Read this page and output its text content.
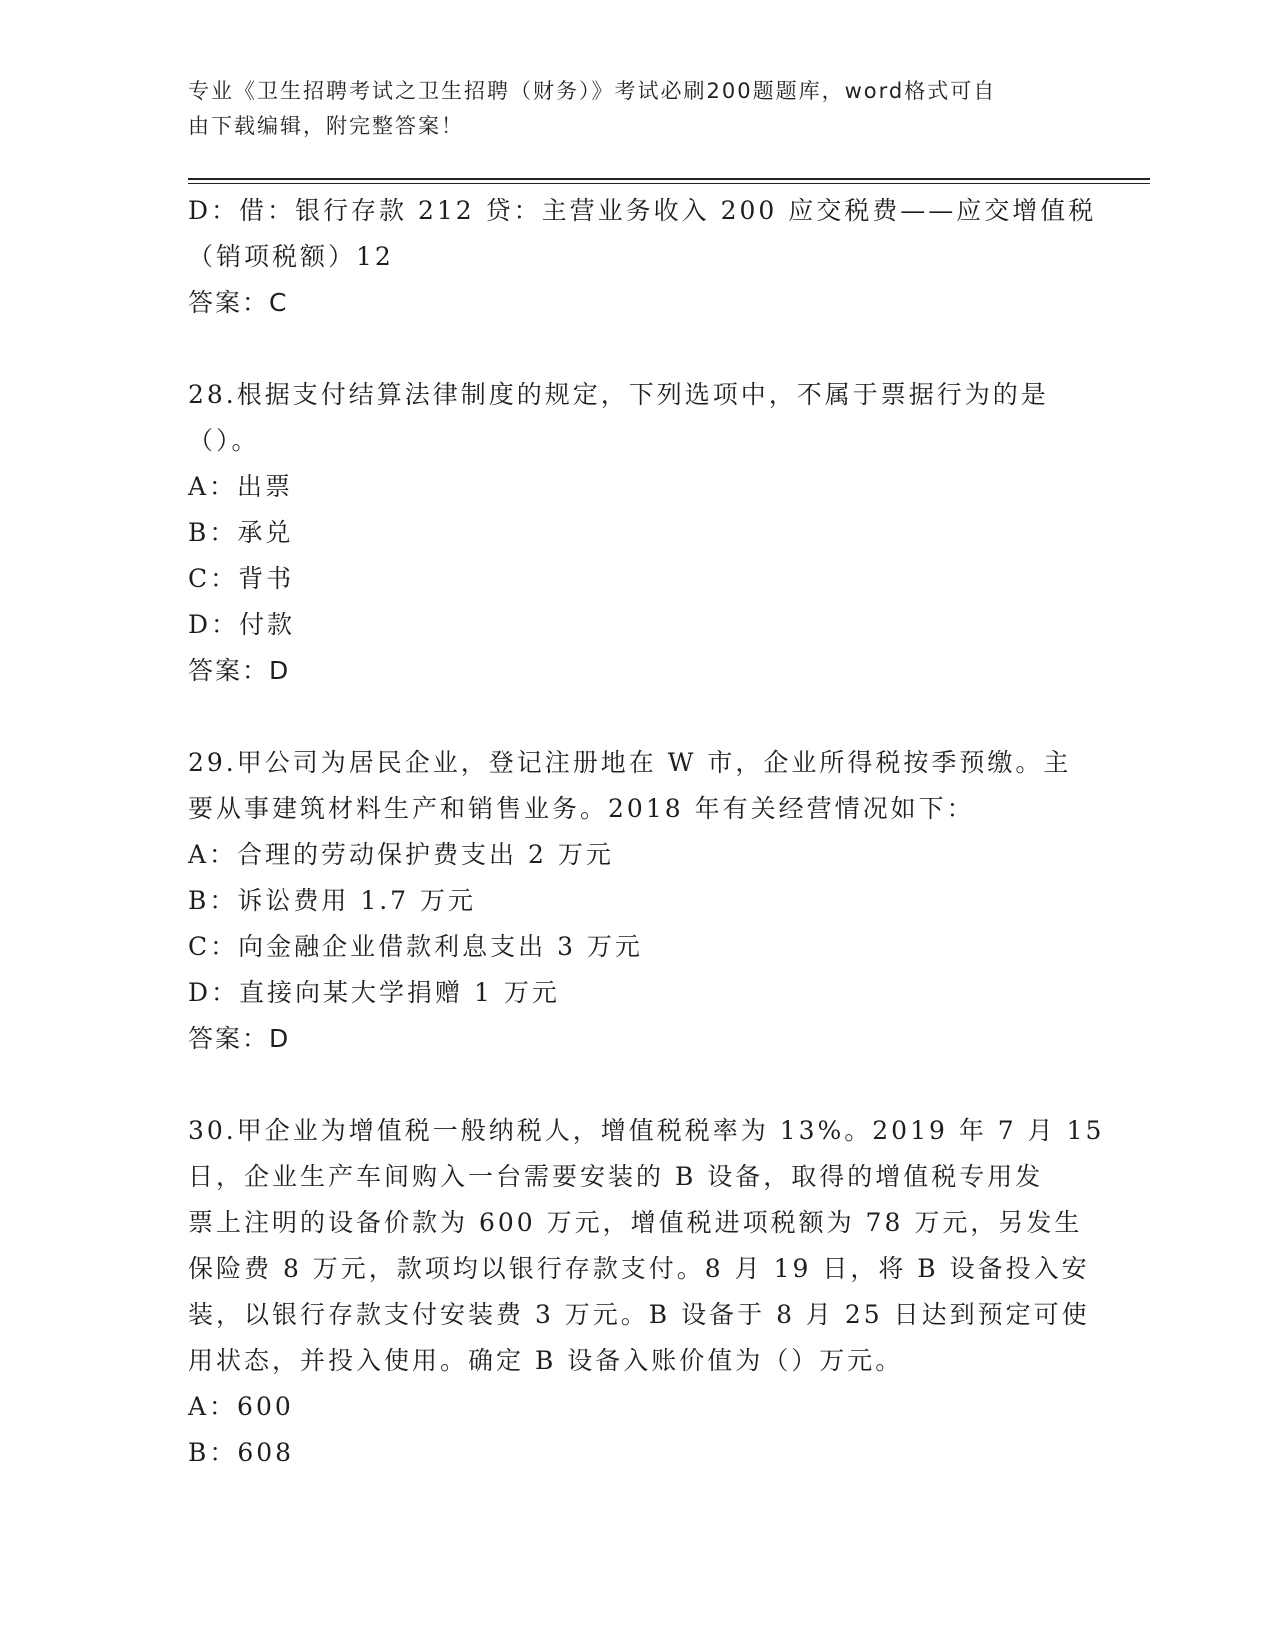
专业《卫生招聘考试之卫生招聘（财务）》考试必刷200题题库，word格式可自
由下载编辑，附完整答案！
D：借：银行存款 212 贷：主营业务收入 200 应交税费——应交增值税
（销项税额）12
答案：C
28.根据支付结算法律制度的规定，下列选项中，不属于票据行为的是
（）。
A：出票
B：承兑
C：背书
D：付款
答案：D
29.甲公司为居民企业，登记注册地在 W 市，企业所得税按季预缴。主
要从事建筑材料生产和销售业务。2018 年有关经营情况如下：
A：合理的劳动保护费支出 2 万元
B：诉讼费用 1.7 万元
C：向金融企业借款利息支出 3 万元
D：直接向某大学捐赠 1 万元
答案：D
30.甲企业为增值税一般纳税人，增值税税率为 13%。2019 年 7 月 15
日，企业生产车间购入一台需要安装的 B 设备，取得的增值税专用发
票上注明的设备价款为 600 万元，增值税进项税额为 78 万元，另发生
保险费 8 万元，款项均以银行存款支付。8 月 19 日，将 B 设备投入安
装，以银行存款支付安装费 3 万元。B 设备于 8 月 25 日达到预定可使
用状态，并投入使用。确定 B 设备入账价值为（）万元。
A：600
B：608
